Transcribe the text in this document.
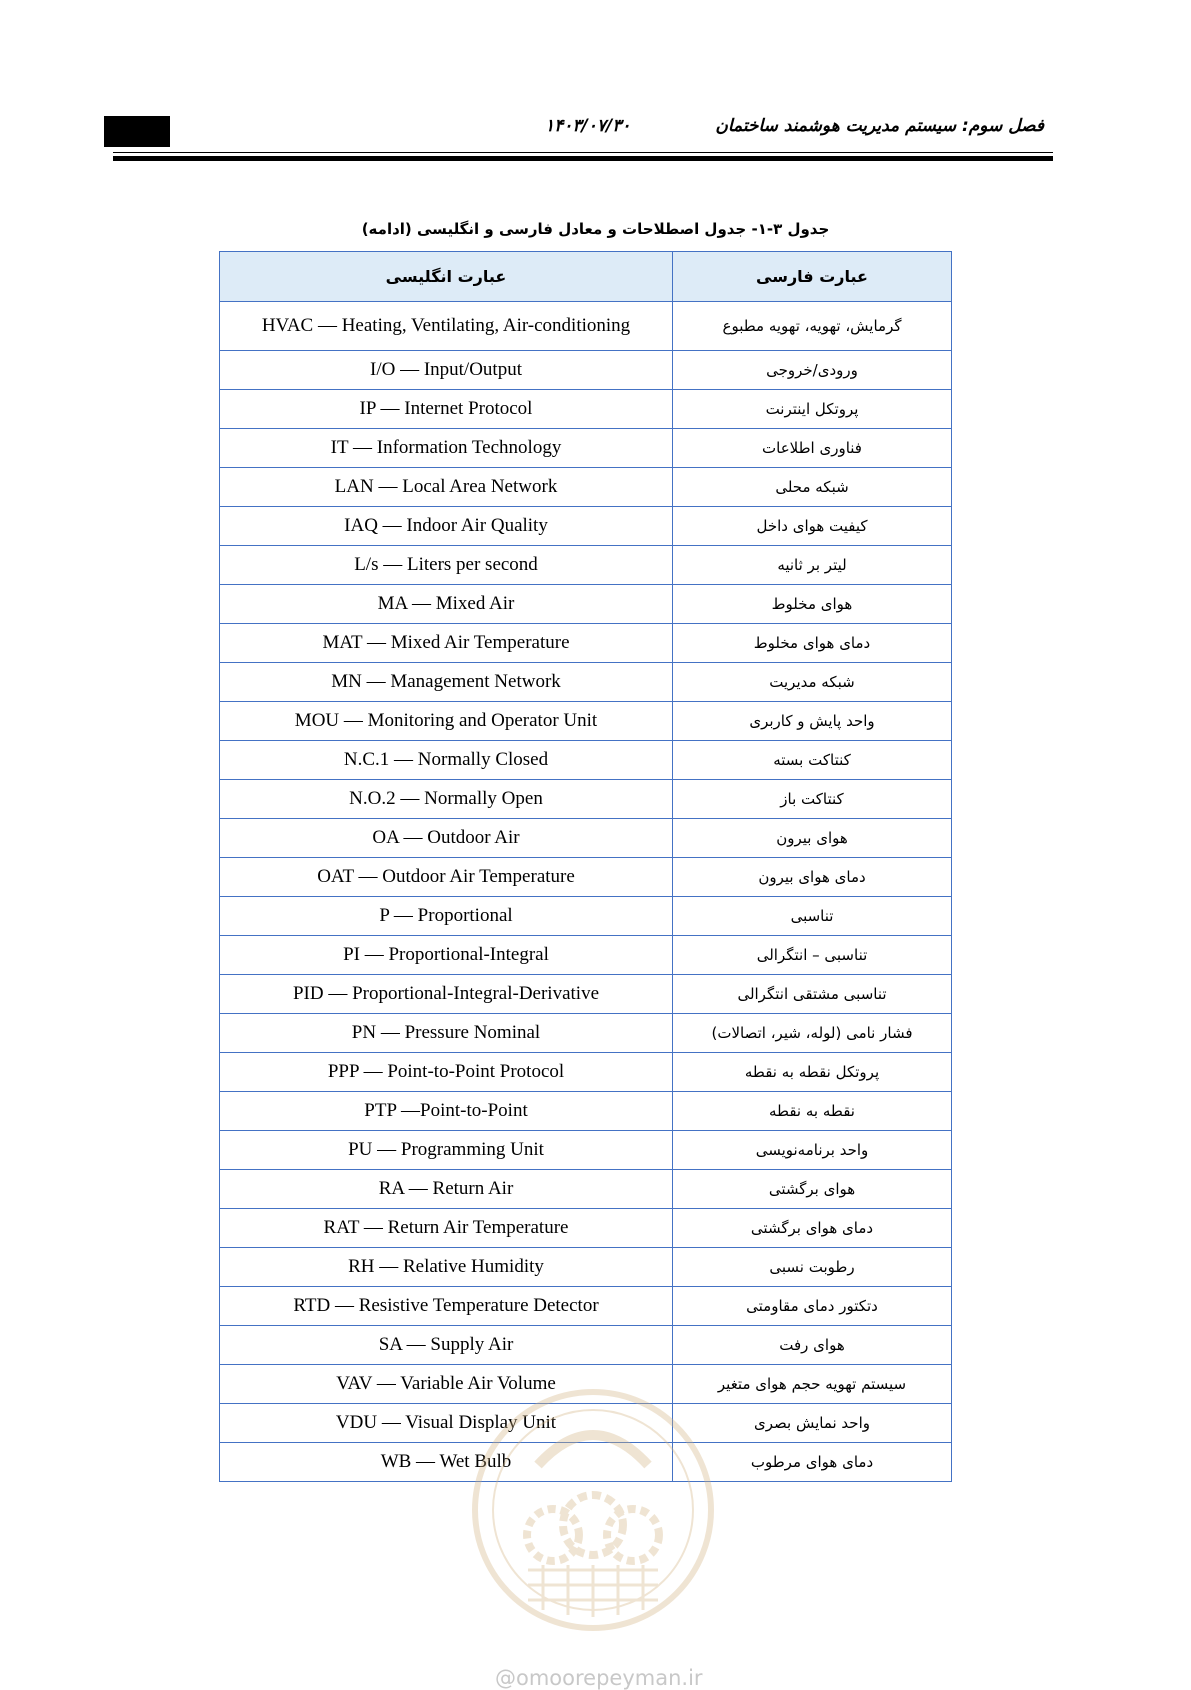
فصل سوم: سیستم مدیریت هوشمند ساختمان
۱۴۰۳/۰۷/۳۰
جدول ۳-۱- جدول اصطلاحات و معادل فارسی و انگلیسی (ادامه)
عبارت انگلیسی	عبارت فارسی
HVAC — Heating, Ventilating, Air-conditioning	گرمایش، تهویه، تهویه مطبوع
I/O — Input/Output	ورودی/خروجی
IP — Internet Protocol	پروتکل اینترنت
IT — Information Technology	فناوری اطلاعات
LAN — Local Area Network	شبکه محلی
IAQ — Indoor Air Quality	کیفیت هوای داخل
L/s — Liters per second	لیتر بر ثانیه
MA — Mixed Air	هوای مخلوط
MAT — Mixed Air Temperature	دمای هوای مخلوط
MN — Management Network	شبکه مدیریت
MOU — Monitoring and Operator Unit	واحد پایش و کاربری
N.C.1 — Normally Closed	کنتاکت بسته
N.O.2 — Normally Open	کنتاکت باز
OA — Outdoor Air	هوای بیرون
OAT — Outdoor Air Temperature	دمای هوای بیرون
P — Proportional	تناسبی
PI — Proportional-Integral	تناسبی – انتگرالی
PID — Proportional-Integral-Derivative	تناسبی مشتقی انتگرالی
PN — Pressure Nominal	فشار نامی (لوله، شیر، اتصالات)
PPP — Point-to-Point Protocol	پروتکل نقطه به نقطه
PTP —Point-to-Point	نقطه به نقطه
PU — Programming Unit	واحد برنامه‌نویسی
RA — Return Air	هوای برگشتی
RAT — Return Air Temperature	دمای هوای برگشتی
RH — Relative Humidity	رطوبت نسبی
RTD — Resistive Temperature Detector	دتکتور دمای مقاومتی
SA — Supply Air	هوای رفت
VAV — Variable Air Volume	سیستم تهویه حجم هوای متغیر
VDU — Visual Display Unit	واحد نمایش بصری
WB — Wet Bulb	دمای هوای مرطوب
@omoorepeyman.ir
